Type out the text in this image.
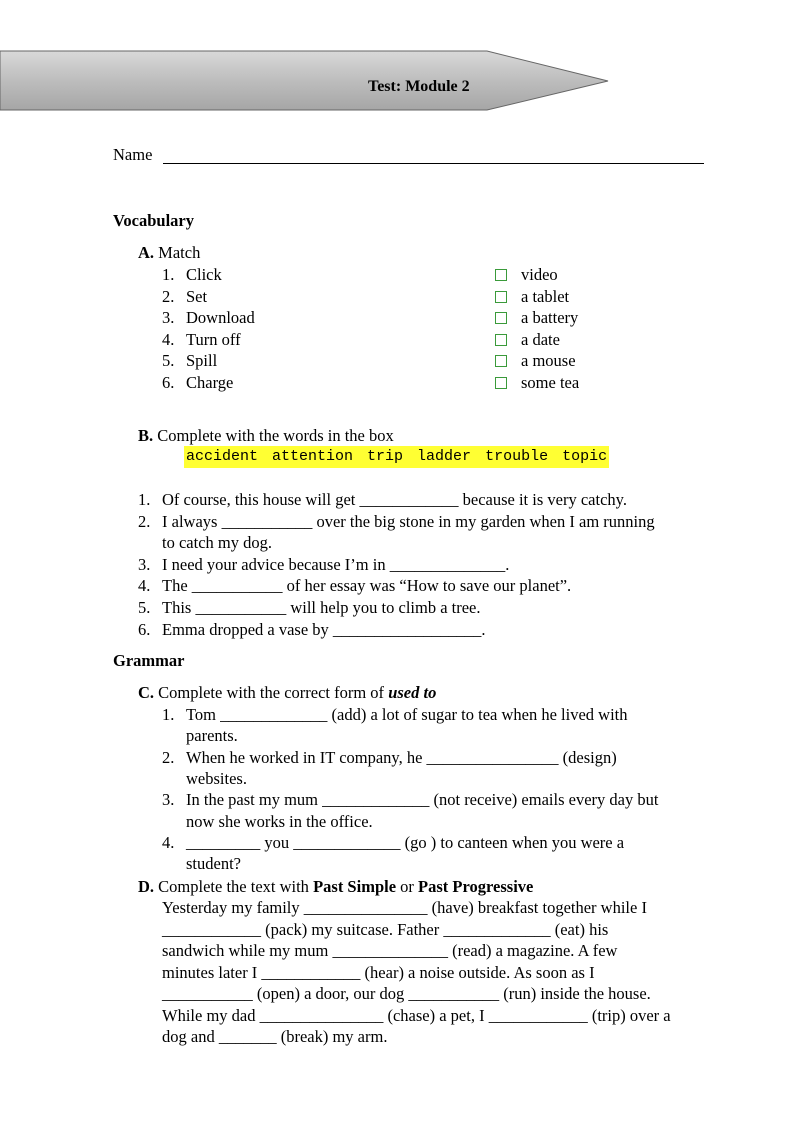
Test: Module 2
Name
Vocabulary
A. Match
1. Click
2. Set
3. Download
4. Turn off
5. Spill
6. Charge
video
a tablet
a battery
a date
a mouse
some tea
B. Complete with the words in the box
accident attention trip ladder trouble topic
1. Of course, this house will get ____________ because it is very catchy.
2. I always ___________ over the big stone in my garden when I am running
to catch my dog.
3. I need your advice because I’m in ______________.
4. The ___________ of her essay was “How to save our planet”.
5. This ___________ will help you to climb a tree.
6. Emma dropped a vase by __________________.
Grammar
C. Complete with the correct form of used to
1. Tom _____________ (add) a lot of sugar to tea when he lived with
parents.
2. When he worked in IT company, he ________________ (design)
websites.
3. In the past my mum _____________ (not receive) emails every day but
now she works in the office.
4. _________ you _____________ (go ) to canteen when you were a
student?
D. Complete the text with Past Simple or Past Progressive
Yesterday my family _______________ (have) breakfast together while I
____________ (pack) my suitcase. Father _____________ (eat) his
sandwich while my mum ______________ (read) a magazine. A few
minutes later I ____________ (hear) a noise outside. As soon as I
___________ (open) a door, our dog ___________ (run) inside the house.
While my dad _______________ (chase) a pet, I ____________ (trip) over a
dog and _______ (break) my arm.
